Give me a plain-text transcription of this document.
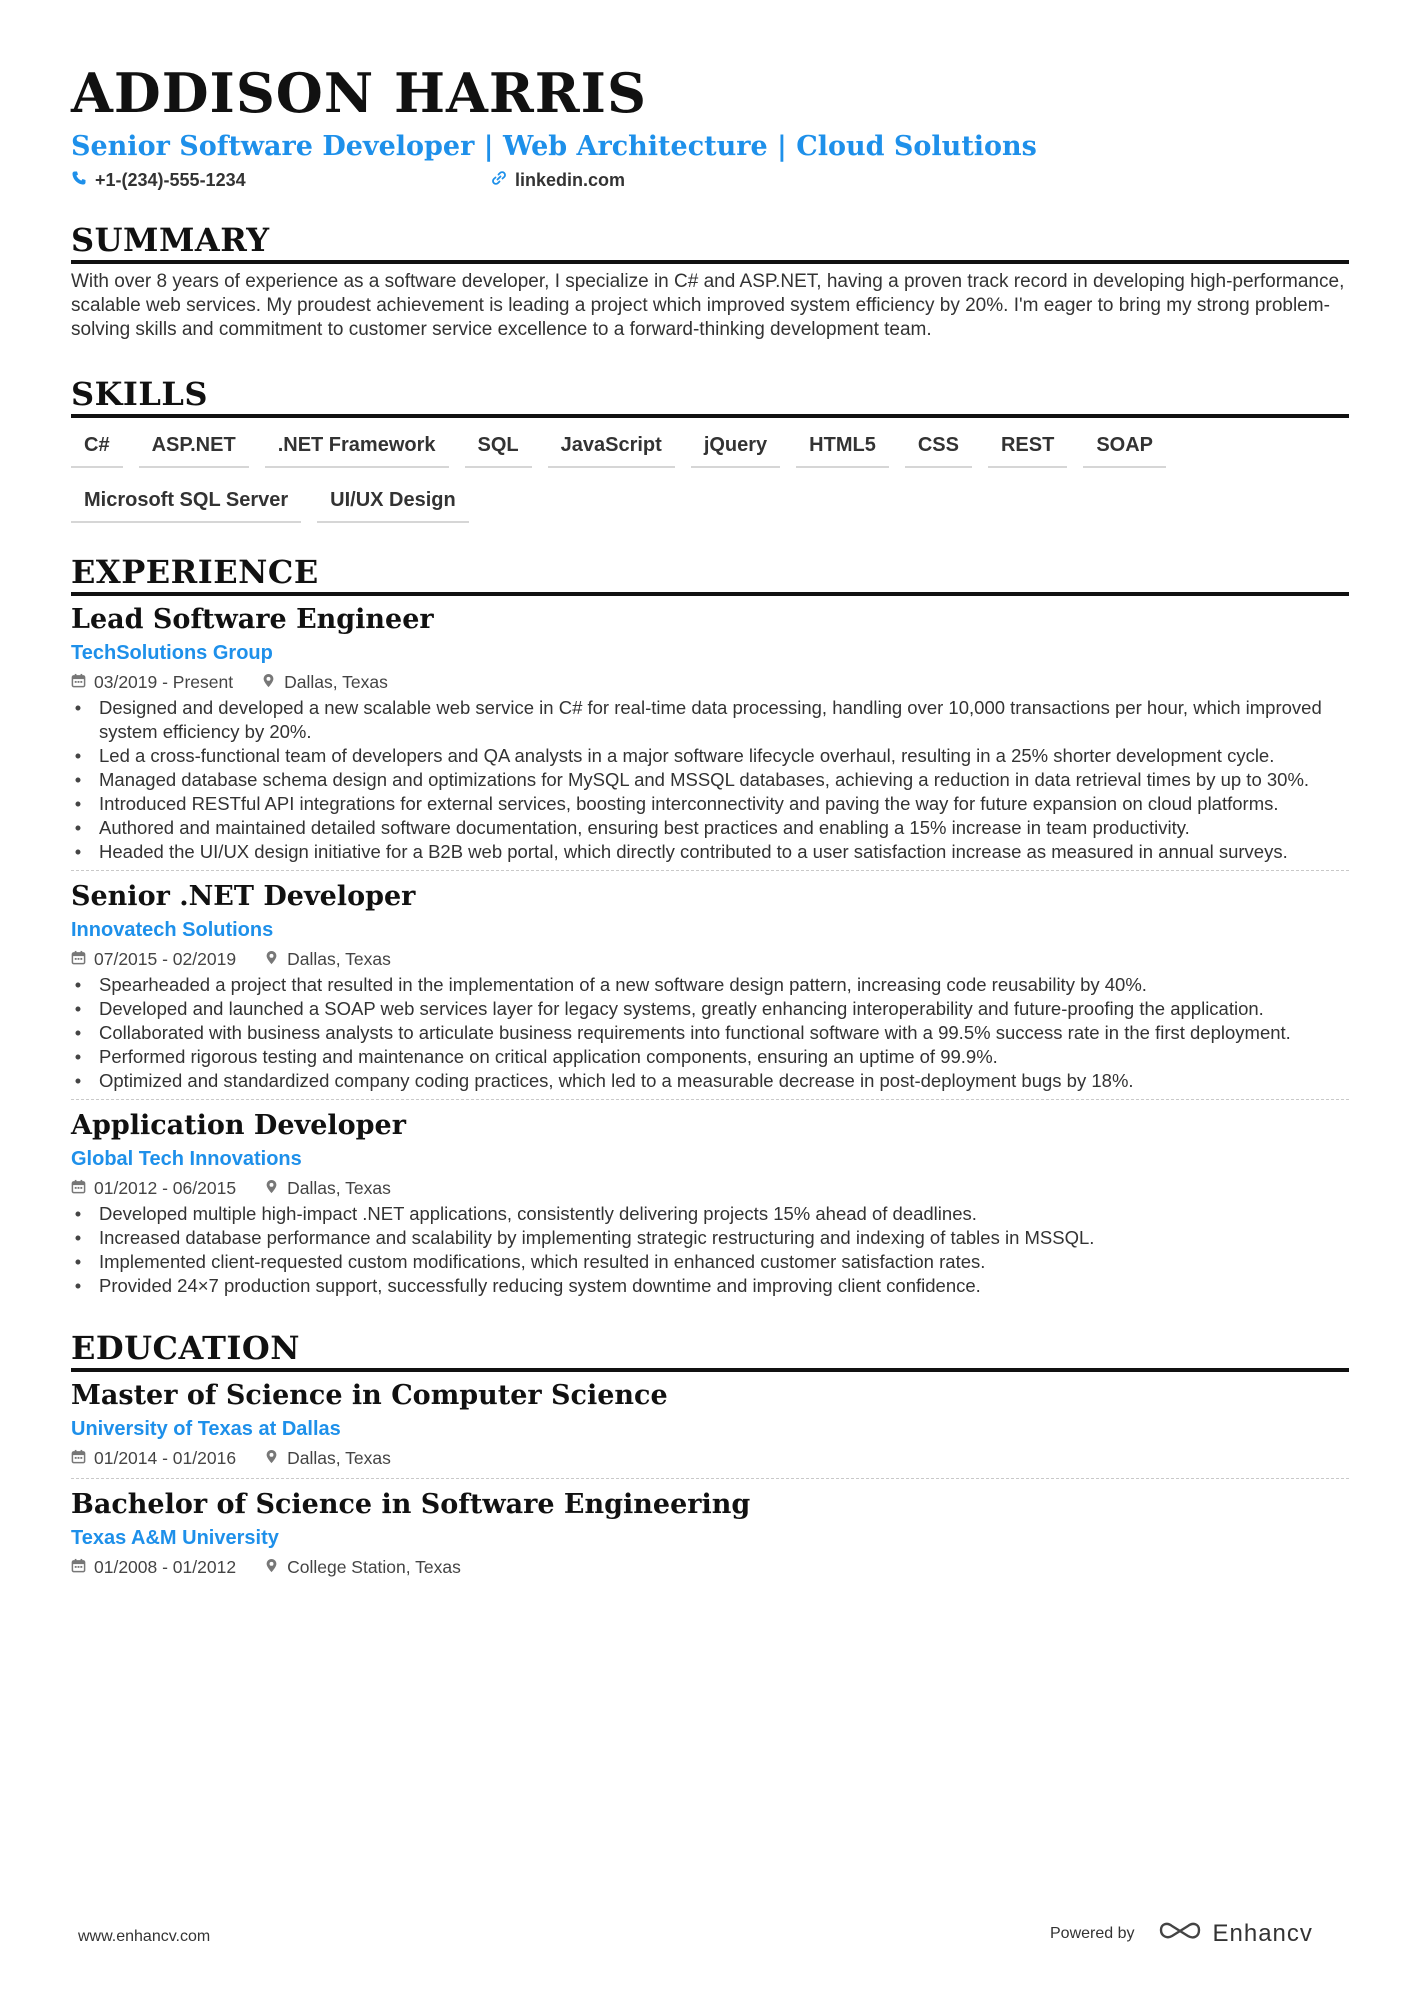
ADDISON HARRIS
Senior Software Developer | Web Architecture | Cloud Solutions
+1-(234)-555-1234	linkedin.com
SUMMARY

With over 8 years of experience as a software developer, I specialize in C# and ASP.NET, having a proven track record in developing high-performance, scalable web services. My proudest achievement is leading a project which improved system efficiency by 20%. I'm eager to bring my strong problem-solving skills and commitment to customer service excellence to a forward-thinking development team.

SKILLS
C#	ASP.NET	.NET Framework	SQL	JavaScript	jQuery	HTML5	CSS	REST	SOAP
Microsoft SQL Server	UI/UX Design
EXPERIENCE
Lead Software Engineer
TechSolutions Group
03/2019 - Present	Dallas, Texas
• Designed and developed a new scalable web service in C# for real-time data processing, handling over 10,000 transactions per hour, which improved system efficiency by 20%.
• Led a cross-functional team of developers and QA analysts in a major software lifecycle overhaul, resulting in a 25% shorter development cycle.
• Managed database schema design and optimizations for MySQL and MSSQL databases, achieving a reduction in data retrieval times by up to 30%.
• Introduced RESTful API integrations for external services, boosting interconnectivity and paving the way for future expansion on cloud platforms.
• Authored and maintained detailed software documentation, ensuring best practices and enabling a 15% increase in team productivity.
• Headed the UI/UX design initiative for a B2B web portal, which directly contributed to a user satisfaction increase as measured in annual surveys.
Senior .NET Developer
Innovatech Solutions
07/2015 - 02/2019	Dallas, Texas
• Spearheaded a project that resulted in the implementation of a new software design pattern, increasing code reusability by 40%.
• Developed and launched a SOAP web services layer for legacy systems, greatly enhancing interoperability and future-proofing the application.
• Collaborated with business analysts to articulate business requirements into functional software with a 99.5% success rate in the first deployment.
• Performed rigorous testing and maintenance on critical application components, ensuring an uptime of 99.9%.
• Optimized and standardized company coding practices, which led to a measurable decrease in post-deployment bugs by 18%.
Application Developer
Global Tech Innovations
01/2012 - 06/2015	Dallas, Texas
• Developed multiple high-impact .NET applications, consistently delivering projects 15% ahead of deadlines.
• Increased database performance and scalability by implementing strategic restructuring and indexing of tables in MSSQL.
• Implemented client-requested custom modifications, which resulted in enhanced customer satisfaction rates.
• Provided 24×7 production support, successfully reducing system downtime and improving client confidence.
EDUCATION
Master of Science in Computer Science
University of Texas at Dallas
01/2014 - 01/2016	Dallas, Texas
Bachelor of Science in Software Engineering
Texas A&M University
01/2008 - 01/2012	College Station, Texas
www.enhancv.com	Powered by	Enhancv
